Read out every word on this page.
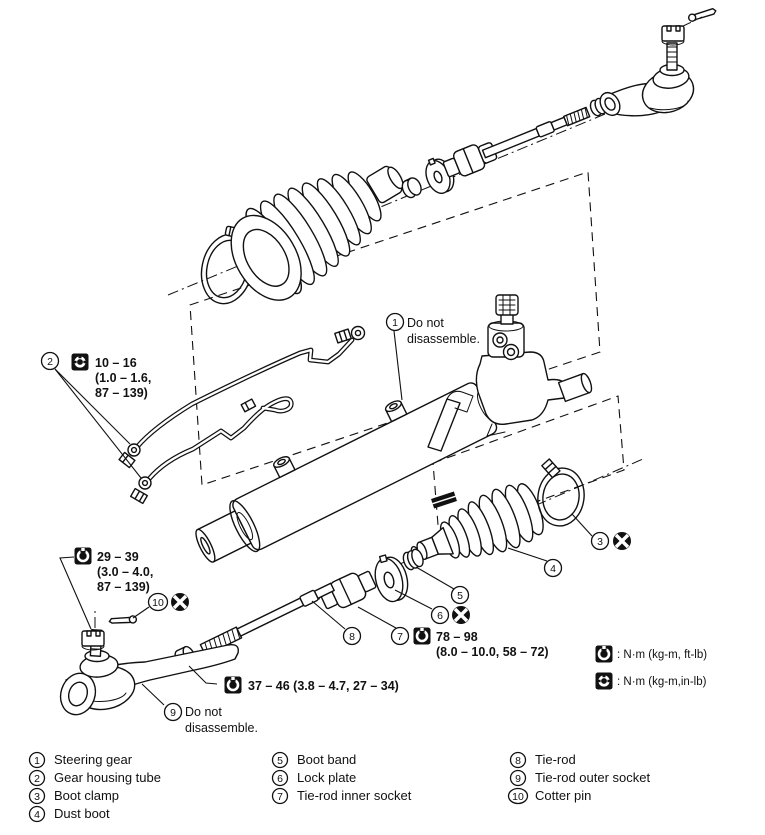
1 Do not
disassemble.
2	10 – 16
(1.0 – 1.6,
87 – 139)
29 – 39
(3.0 – 4.0,
87 – 139)
10
9 Do not
disassemble.
37 – 46 (3.8 – 4.7, 27 – 34)
8	7	78 – 98
(8.0 – 10.0, 58 – 72)
5
6
3
4
: N·m (kg-m, ft-lb)
: N·m (kg-m,in-lb)
1 Steering gear
2 Gear housing tube
3 Boot clamp
4 Dust boot
5 Boot band
6 Lock plate
7 Tie-rod inner socket
8 Tie-rod
9 Tie-rod outer socket
10 Cotter pin
